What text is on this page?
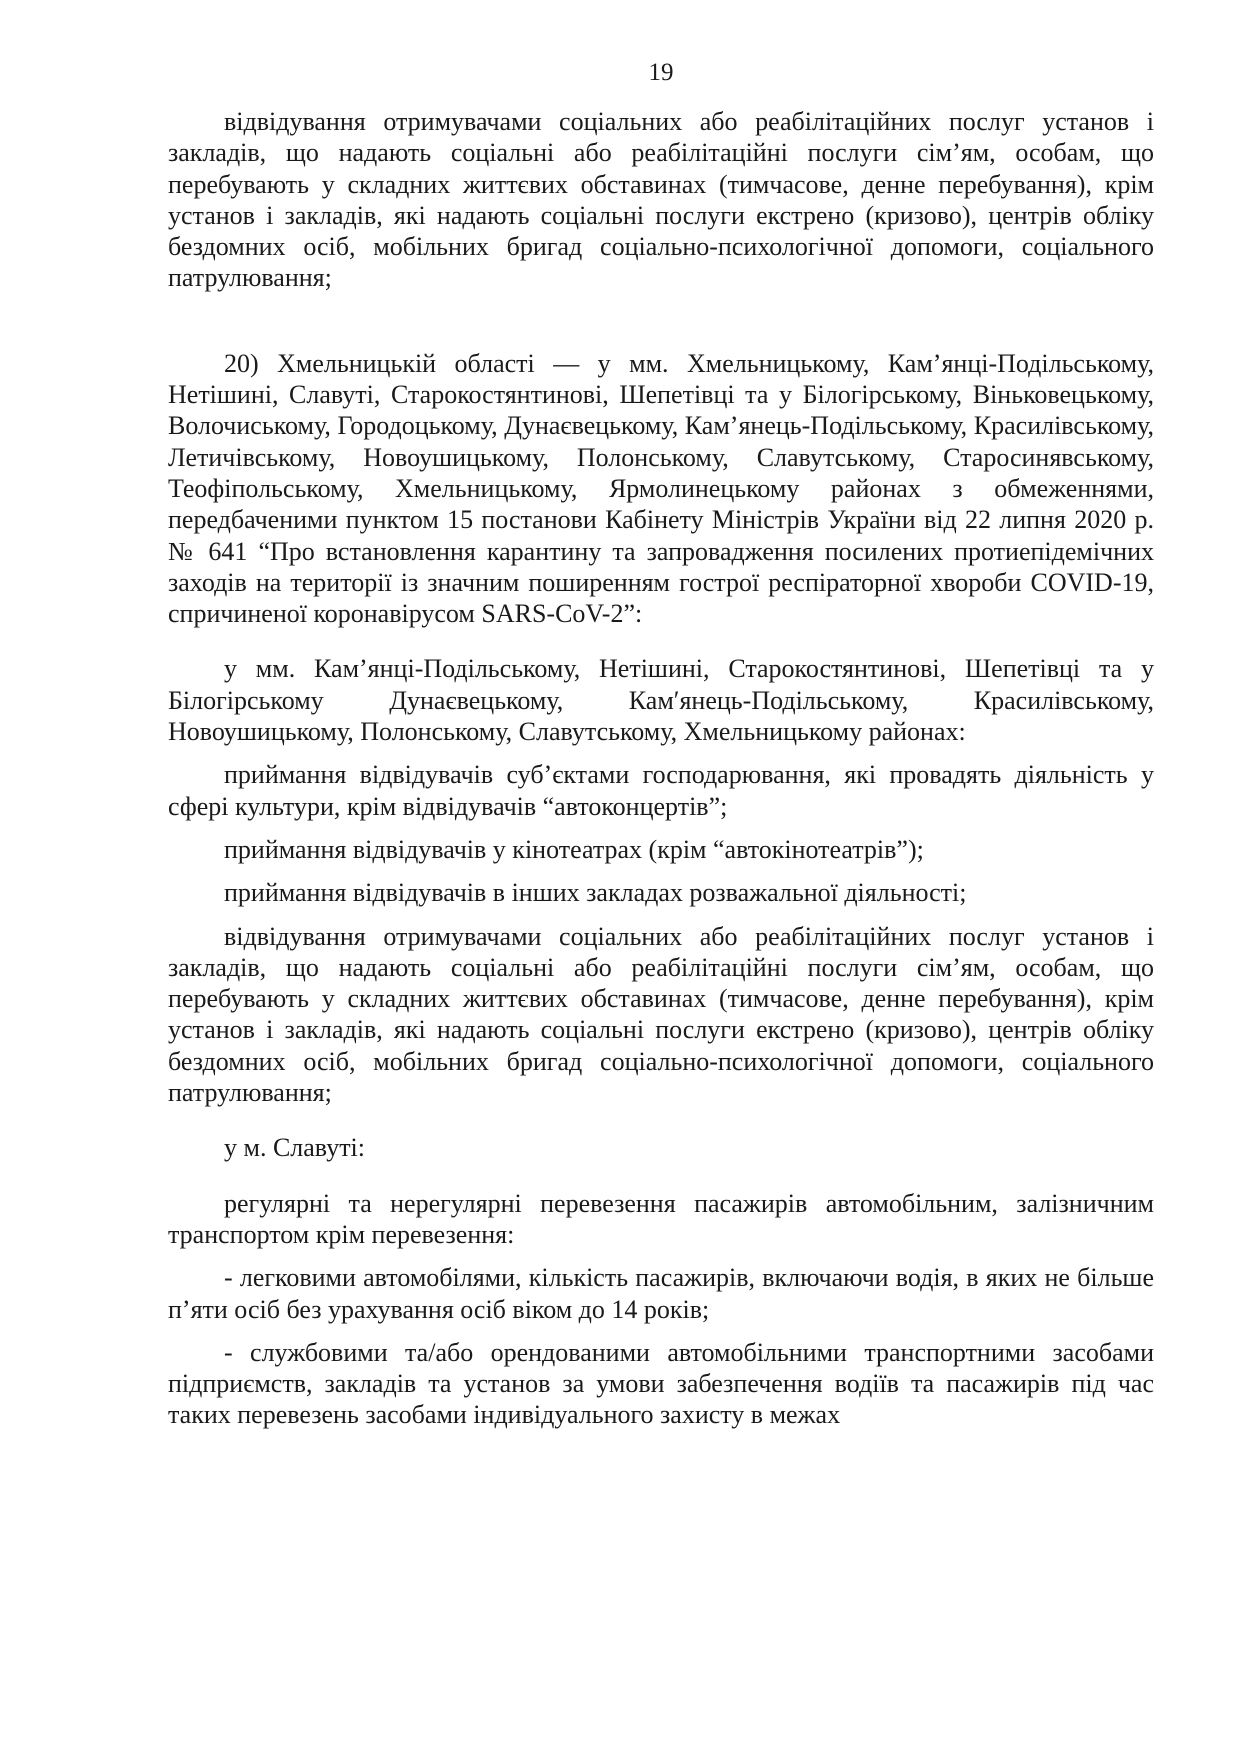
19

відвідування отримувачами соціальних або реабілітаційних послуг установ і закладів, що надають соціальні або реабілітаційні послуги сім’ям, особам, що перебувають у складних життєвих обставинах (тимчасове, денне перебування), крім установ і закладів, які надають соціальні послуги екстрено (кризово), центрів обліку бездомних осіб, мобільних бригад соціально-психологічної допомоги, соціального патрулювання;

20) Хмельницькій області — у мм. Хмельницькому, Кам’янці-Подільському, Нетішині, Славуті, Старокостянтинові, Шепетівці та у Білогірському, Віньковецькому, Волочиському, Городоцькому, Дунаєвецькому, Кам’янець-Подільському, Красилівському, Летичівському, Новоушицькому, Полонському, Славутському, Старосинявському, Теофіпольському, Хмельницькому, Ярмолинецькому районах з обмеженнями, передбаченими пунктом 15 постанови Кабінету Міністрів України від 22 липня 2020 р. № 641 “Про встановлення карантину та запровадження посилених протиепідемічних заходів на території із значним поширенням гострої респіраторної хвороби COVID-19, спричиненої коронавірусом SARS-CoV-2”:

у мм. Кам’янці-Подільському, Нетішині, Старокостянтинові, Шепетівці та у Білогірському Дунаєвецькому, Кам′янець-Подільському, Красилівському, Новоушицькому, Полонському, Славутському, Хмельницькому районах:

приймання відвідувачів суб’єктами господарювання, які провадять діяльність у сфері культури, крім відвідувачів “автоконцертів”;

приймання відвідувачів у кінотеатрах (крім “автокінотеатрів”);

приймання відвідувачів в інших закладах розважальної діяльності;

відвідування отримувачами соціальних або реабілітаційних послуг установ і закладів, що надають соціальні або реабілітаційні послуги сім’ям, особам, що перебувають у складних життєвих обставинах (тимчасове, денне перебування), крім установ і закладів, які надають соціальні послуги екстрено (кризово), центрів обліку бездомних осіб, мобільних бригад соціально-психологічної допомоги, соціального патрулювання;

у м. Славуті:

регулярні та нерегулярні перевезення пасажирів автомобільним, залізничним транспортом крім перевезення:

- легковими автомобілями, кількість пасажирів, включаючи водія, в яких не більше п’яти осіб без урахування осіб віком до 14 років;

- службовими та/або орендованими автомобільними транспортними засобами підприємств, закладів та установ за умови забезпечення водіїв та пасажирів під час таких перевезень засобами індивідуального захисту в межах
